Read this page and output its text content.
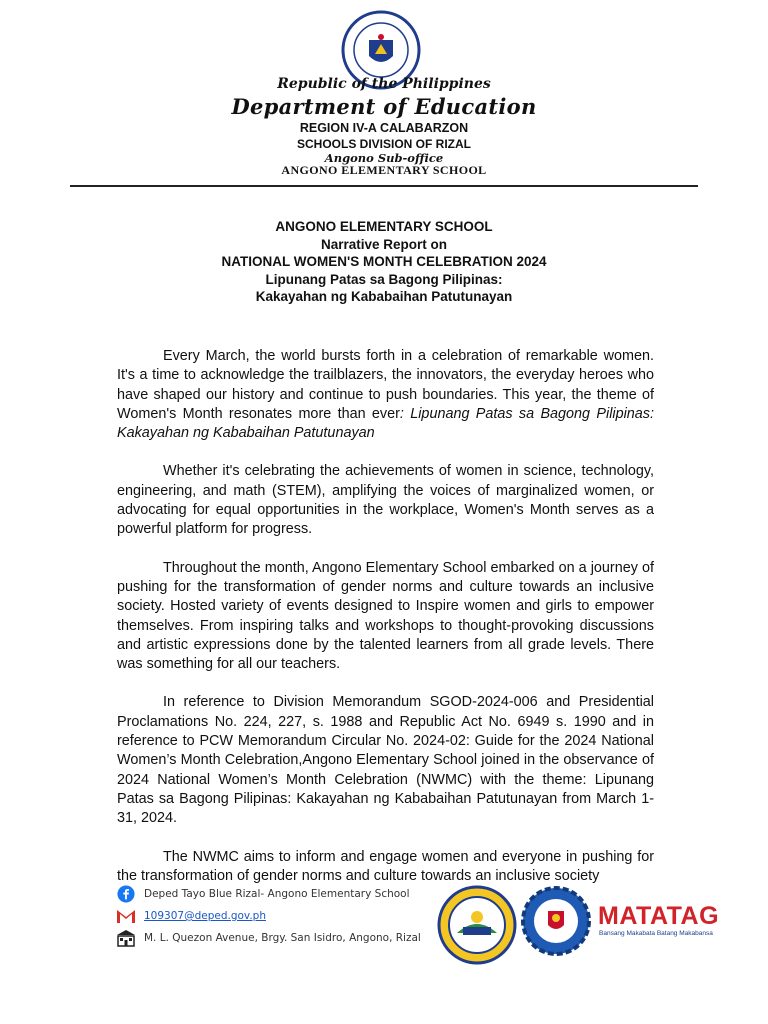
Republic of the Philippines
Department of Education
REGION IV-A CALABARZON
SCHOOLS DIVISION OF RIZAL
Angono Sub-office
ANGONO ELEMENTARY SCHOOL
ANGONO ELEMENTARY SCHOOL
Narrative Report on
NATIONAL WOMEN'S MONTH CELEBRATION 2024
Lipunang Patas sa Bagong Pilipinas:
Kakayahan ng Kababaihan Patutunayan

Every March, the world bursts forth in a celebration of remarkable women. It's a time to acknowledge the trailblazers, the innovators, the everyday heroes who have shaped our history and continue to push boundaries. This year, the theme of Women's Month resonates more than ever: Lipunang Patas sa Bagong Pilipinas: Kakayahan ng Kababaihan Patutunayan

Whether it's celebrating the achievements of women in science, technology, engineering, and math (STEM), amplifying the voices of marginalized women, or advocating for equal opportunities in the workplace, Women's Month serves as a powerful platform for progress.

Throughout the month, Angono Elementary School embarked on a journey of pushing for the transformation of gender norms and culture towards an inclusive society. Hosted variety of events designed to Inspire women and girls to empower themselves. From inspiring talks and workshops to thought-provoking discussions and artistic expressions done by the talented learners from all grade levels. There was something for all our teachers.

In reference to Division Memorandum SGOD-2024-006 and Presidential Proclamations No. 224, 227, s. 1988 and Republic Act No. 6949 s. 1990 and in reference to PCW Memorandum Circular No. 2024-02: Guide for the 2024 National Women’s Month Celebration,Angono Elementary School joined in the observance of 2024 National Women’s Month Celebration (NWMC) with the theme: Lipunang Patas sa Bagong Pilipinas: Kakayahan ng Kababaihan Patutunayan from March 1- 31, 2024.

The NWMC aims to inform and engage women and everyone in pushing for the transformation of gender norms and culture towards an inclusive society

Deped Tayo Blue Rizal- Angono Elementary School
109307@deped.gov.ph
M. L. Quezon Avenue, Brgy. San Isidro, Angono, Rizal
MATATAG
Bansang Makabata Batang Makabansa
